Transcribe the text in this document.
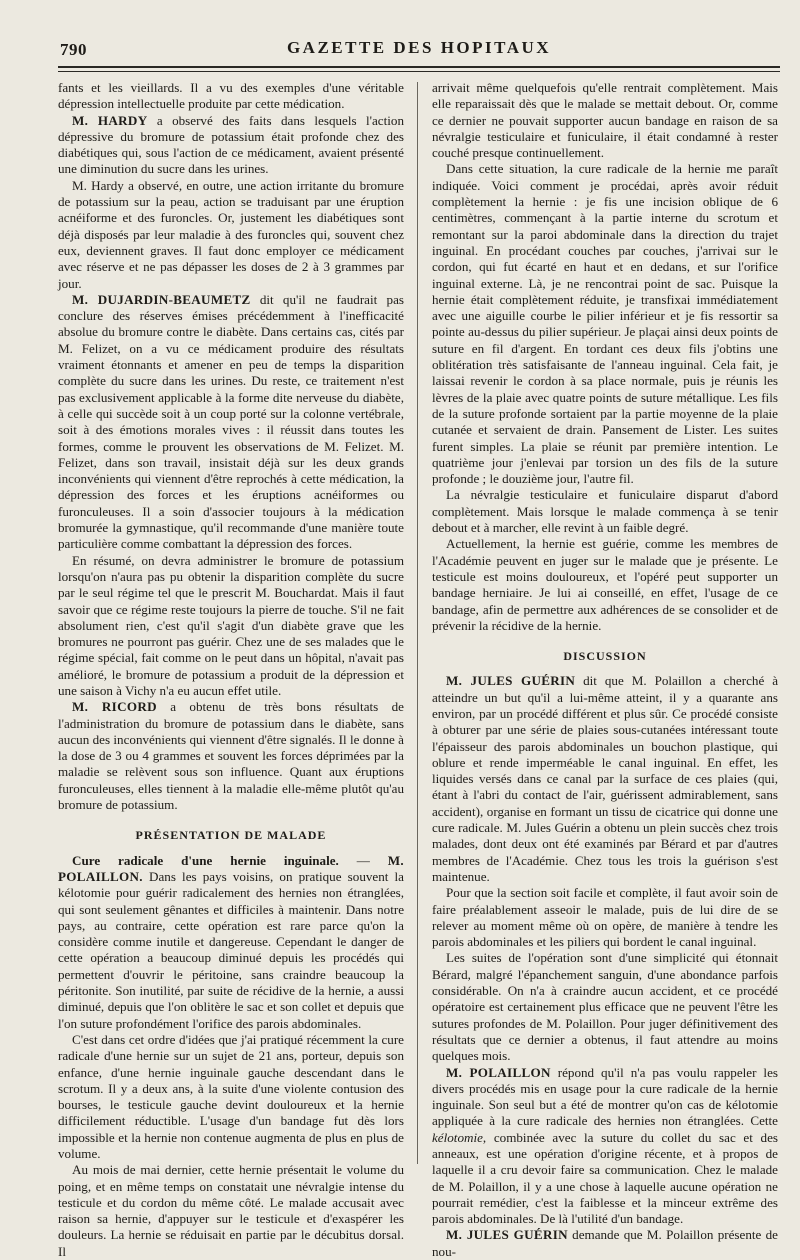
790	GAZETTE DES HOPITAUX

fants et les vieillards. Il a vu des exemples d'une véritable dépression intellectuelle produite par cette médication.

M. HARDY a observé des faits dans lesquels l'action dépressive du bromure de potassium était profonde chez des diabétiques qui, sous l'action de ce médicament, avaient présenté une diminution du sucre dans les urines.

M. Hardy a observé, en outre, une action irritante du bromure de potassium sur la peau, action se traduisant par une éruption acnéiforme et des furoncles. Or, justement les diabétiques sont déjà disposés par leur maladie à des furoncles qui, souvent chez eux, deviennent graves. Il faut donc employer ce médicament avec réserve et ne pas dépasser les doses de 2 à 3 grammes par jour.

M. DUJARDIN-BEAUMETZ dit qu'il ne faudrait pas conclure des réserves émises précédemment à l'inefficacité absolue du bromure contre le diabète. Dans certains cas, cités par M. Felizet, on a vu ce médicament produire des résultats vraiment étonnants et amener en peu de temps la disparition complète du sucre dans les urines. Du reste, ce traitement n'est pas exclusivement applicable à la forme dite nerveuse du diabète, à celle qui succède soit à un coup porté sur la colonne vertébrale, soit à des émotions morales vives : il réussit dans toutes les formes, comme le prouvent les observations de M. Felizet. M. Felizet, dans son travail, insistait déjà sur les deux grands inconvénients qui viennent d'être reprochés à cette médication, la dépression des forces et les éruptions acnéiformes ou furonculeuses. Il a soin d'associer toujours à la médication bromurée la gymnastique, qu'il recommande d'une manière toute particulière comme combattant la dépression des forces.

En résumé, on devra administrer le bromure de potassium lorsqu'on n'aura pas pu obtenir la disparition complète du sucre par le seul régime tel que le prescrit M. Bouchardat. Mais il faut savoir que ce régime reste toujours la pierre de touche. S'il ne fait absolument rien, c'est qu'il s'agit d'un diabète grave que les bromures ne pourront pas guérir. Chez une de ses malades que le régime spécial, fait comme on le peut dans un hôpital, n'avait pas amélioré, le bromure de potassium a produit de la dépression et une saison à Vichy n'a eu aucun effet utile.

M. RICORD a obtenu de très bons résultats de l'administration du bromure de potassium dans le diabète, sans aucun des inconvénients qui viennent d'être signalés. Il le donne à la dose de 3 ou 4 grammes et souvent les forces déprimées par la maladie se relèvent sous son influence. Quant aux éruptions furonculeuses, elles tiennent à la maladie elle-même plutôt qu'au bromure de potassium.

PRÉSENTATION DE MALADE

Cure radicale d'une hernie inguinale. — M. POLAILLON. Dans les pays voisins, on pratique souvent la kélotomie pour guérir radicalement des hernies non étranglées, qui sont seulement gênantes et difficiles à maintenir. Dans notre pays, au contraire, cette opération est rare parce qu'on la considère comme inutile et dangereuse. Cependant le danger de cette opération a beaucoup diminué depuis les procédés qui permettent d'ouvrir le péritoine, sans craindre beaucoup la péritonite. Son inutilité, par suite de récidive de la hernie, a aussi diminué, depuis que l'on oblitère le sac et son collet et depuis que l'on suture profondément l'orifice des parois abdominales.

C'est dans cet ordre d'idées que j'ai pratiqué récemment la cure radicale d'une hernie sur un sujet de 21 ans, porteur, depuis son enfance, d'une hernie inguinale gauche descendant dans le scrotum. Il y a deux ans, à la suite d'une violente contusion des bourses, le testicule gauche devint douloureux et la hernie difficilement réductible. L'usage d'un bandage fut dès lors impossible et la hernie non contenue augmenta de plus en plus de volume.

Au mois de mai dernier, cette hernie présentait le volume du poing, et en même temps on constatait une névralgie intense du testicule et du cordon du même côté. Le malade accusait avec raison sa hernie, d'appuyer sur le testicule et d'exaspérer les douleurs. La hernie se réduisait en partie par le décubitus dorsal. Il

arrivait même quelquefois qu'elle rentrait complètement. Mais elle reparaissait dès que le malade se mettait debout. Or, comme ce dernier ne pouvait supporter aucun bandage en raison de sa névralgie testiculaire et funiculaire, il était condamné à rester couché presque continuellement.

Dans cette situation, la cure radicale de la hernie me paraît indiquée. Voici comment je procédai, après avoir réduit complètement la hernie : je fis une incision oblique de 6 centimètres, commençant à la partie interne du scrotum et remontant sur la paroi abdominale dans la direction du trajet inguinal. En procédant couches par couches, j'arrivai sur le cordon, qui fut écarté en haut et en dedans, et sur l'orifice inguinal externe. Là, je ne rencontrai point de sac. Puisque la hernie était complètement réduite, je transfixai immédiatement avec une aiguille courbe le pilier inférieur et je fis ressortir sa pointe au-dessus du pilier supérieur. Je plaçai ainsi deux points de suture en fil d'argent. En tordant ces deux fils j'obtins une oblitération très satisfaisante de l'anneau inguinal. Cela fait, je laissai revenir le cordon à sa place normale, puis je réunis les lèvres de la plaie avec quatre points de suture métallique. Les fils de la suture profonde sortaient par la partie moyenne de la plaie cutanée et servaient de drain. Pansement de Lister. Les suites furent simples. La plaie se réunit par première intention. Le quatrième jour j'enlevai par torsion un des fils de la suture profonde ; le douzième jour, l'autre fil.

La névralgie testiculaire et funiculaire disparut d'abord complètement. Mais lorsque le malade commença à se tenir debout et à marcher, elle revint à un faible degré.

Actuellement, la hernie est guérie, comme les membres de l'Académie peuvent en juger sur le malade que je présente. Le testicule est moins douloureux, et l'opéré peut supporter un bandage herniaire. Je lui ai conseillé, en effet, l'usage de ce bandage, afin de permettre aux adhérences de se consolider et de prévenir la récidive de la hernie.

DISCUSSION

M. JULES GUÉRIN dit que M. Polaillon a cherché à atteindre un but qu'il a lui-même atteint, il y a quarante ans environ, par un procédé différent et plus sûr. Ce procédé consiste à obturer par une série de plaies sous-cutanées intéressant toute l'épaisseur des parois abdominales un bouchon plastique, qui oblure et rende imperméable le canal inguinal. En effet, les liquides versés dans ce canal par la surface de ces plaies (qui, étant à l'abri du contact de l'air, guérissent admirablement, sans accident), organise en formant un tissu de cicatrice qui donne une cure radicale. M. Jules Guérin a obtenu un plein succès chez trois malades, dont deux ont été examinés par Bérard et par d'autres membres de l'Académie. Chez tous les trois la guérison s'est maintenue.

Pour que la section soit facile et complète, il faut avoir soin de faire préalablement asseoir le malade, puis de lui dire de se relever au moment même où on opère, de manière à tendre les parois abdominales et les piliers qui bordent le canal inguinal.

Les suites de l'opération sont d'une simplicité qui étonnait Bérard, malgré l'épanchement sanguin, d'une abondance parfois considérable. On n'a à craindre aucun accident, et ce procédé opératoire est certainement plus efficace que ne peuvent l'être les sutures profondes de M. Polaillon. Pour juger définitivement des résultats que ce dernier a obtenus, il faut attendre au moins quelques mois.

M. POLAILLON répond qu'il n'a pas voulu rappeler les divers procédés mis en usage pour la cure radicale de la hernie inguinale. Son seul but a été de montrer qu'on cas de kélotomie appliquée à la cure radicale des hernies non étranglées. Cette kélotomie, combinée avec la suture du collet du sac et des anneaux, est une opération d'origine récente, et à propos de laquelle il a cru devoir faire sa communication. Chez le malade de M. Polaillon, il y a une chose à laquelle aucune opération ne pourrait remédier, c'est la faiblesse et la minceur extrême des parois abdominales. De là l'utilité d'un bandage.

M. JULES GUÉRIN demande que M. Polaillon présente de nou-
